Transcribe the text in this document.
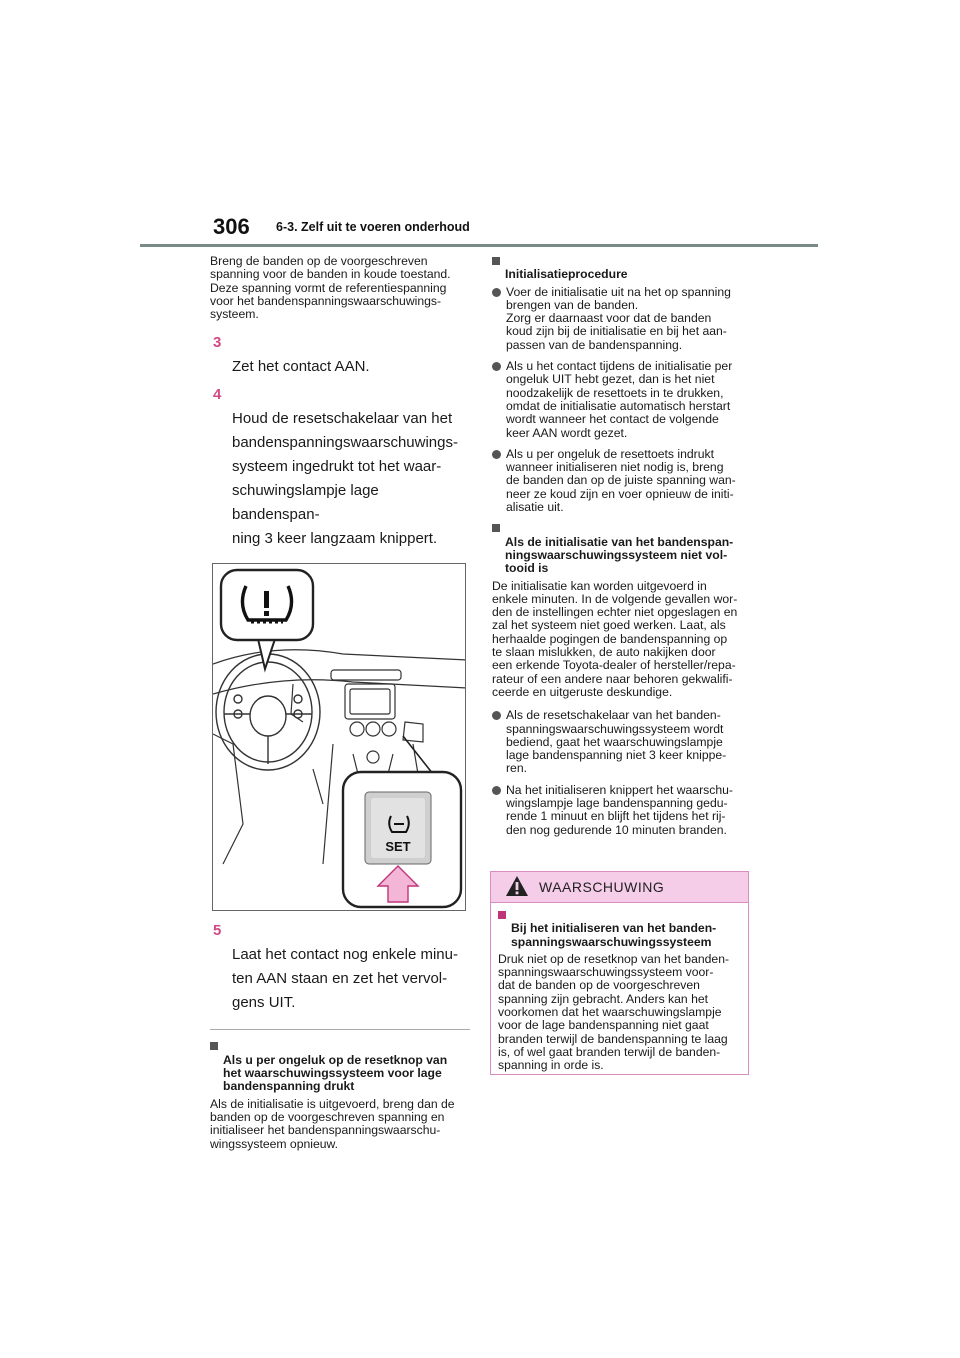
306 6-3. Zelf uit te voeren onderhoud

Breng de banden op de voorgeschreven
spanning voor de banden in koude toestand.
Deze spanning vormt de referentiespanning
voor het bandenspanningswaarschuwings-
systeem.

3
Zet het contact AAN.

4
Houd de resetschakelaar van het
bandenspanningswaarschuwings-
systeem ingedrukt tot het waar-
schuwingslampje lage bandenspan-
ning 3 keer langzaam knippert.

SET

5
Laat het contact nog enkele minu-
ten AAN staan en zet het vervol-
gens UIT.

Als u per ongeluk op de resetknop van
het waarschuwingssysteem voor lage
bandenspanning drukt

Als de initialisatie is uitgevoerd, breng dan de
banden op de voorgeschreven spanning en
initialiseer het bandenspanningswaarschu-
wingssysteem opnieuw.

Initialisatieprocedure

Voer de initialisatie uit na het op spanning
brengen van de banden.
Zorg er daarnaast voor dat de banden
koud zijn bij de initialisatie en bij het aan-
passen van de bandenspanning.
Als u het contact tijdens de initialisatie per
ongeluk UIT hebt gezet, dan is het niet
noodzakelijk de resettoets in te drukken,
omdat de initialisatie automatisch herstart
wordt wanneer het contact de volgende
keer AAN wordt gezet.
Als u per ongeluk de resettoets indrukt
wanneer initialiseren niet nodig is, breng
de banden dan op de juiste spanning wan-
neer ze koud zijn en voer opnieuw de initi-
alisatie uit.

Als de initialisatie van het bandenspan-
ningswaarschuwingssysteem niet vol-
tooid is

De initialisatie kan worden uitgevoerd in
enkele minuten. In de volgende gevallen wor-
den de instellingen echter niet opgeslagen en
zal het systeem niet goed werken. Laat, als
herhaalde pogingen de bandenspanning op
te slaan mislukken, de auto nakijken door
een erkende Toyota-dealer of hersteller/repa-
rateur of een andere naar behoren gekwalifi-
ceerde en uitgeruste deskundige.

Als de resetschakelaar van het banden-
spanningswaarschuwingssysteem wordt
bediend, gaat het waarschuwingslampje
lage bandenspanning niet 3 keer knippe-
ren.
Na het initialiseren knippert het waarschu-
wingslampje lage bandenspanning gedu-
rende 1 minuut en blijft het tijdens het rij-
den nog gedurende 10 minuten branden.
WAARSCHUWING

Bij het initialiseren van het banden-
spanningswaarschuwingssysteem

Druk niet op de resetknop van het banden-
spanningswaarschuwingssysteem voor-
dat de banden op de voorgeschreven
spanning zijn gebracht. Anders kan het
voorkomen dat het waarschuwingslampje
voor de lage bandenspanning niet gaat
branden terwijl de bandenspanning te laag
is, of wel gaat branden terwijl de banden-
spanning in orde is.
